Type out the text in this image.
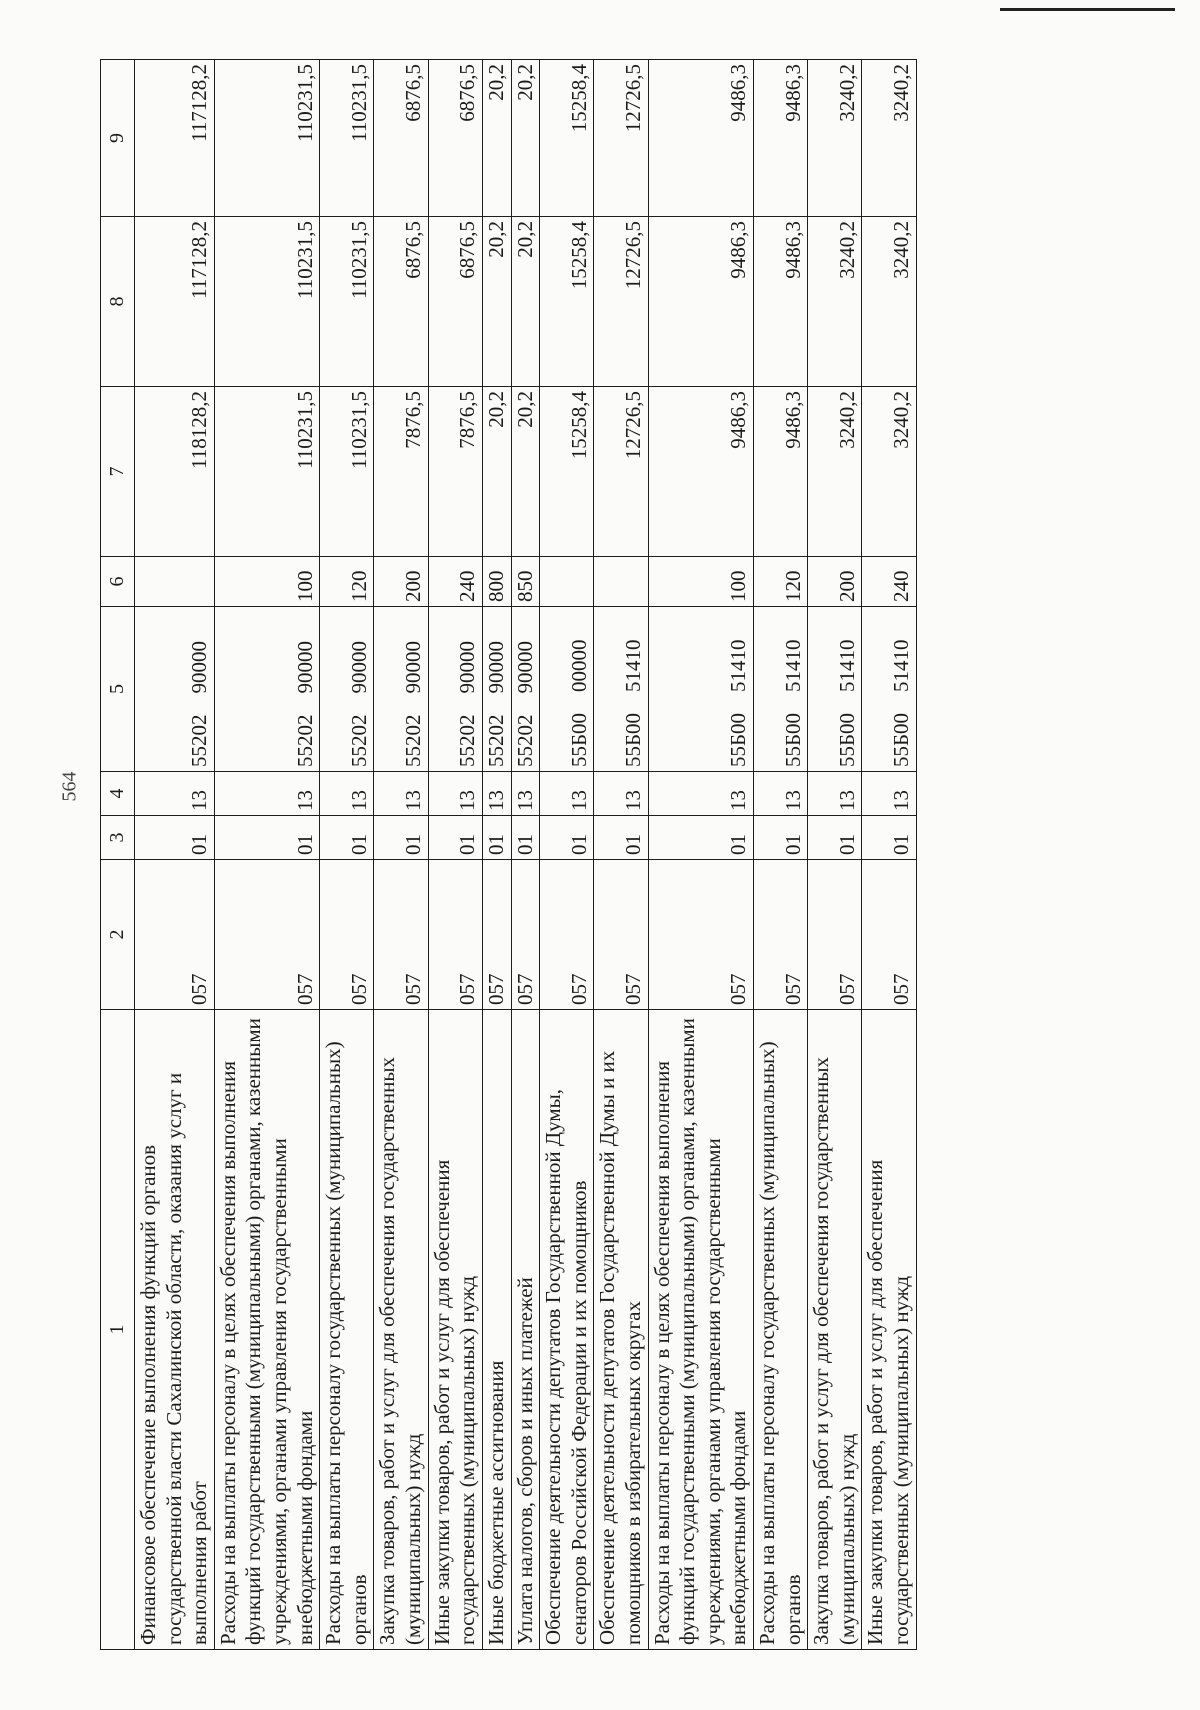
564
1	2	3	4	5	6	7	8	9
Финансовое обеспечение выполнения функций органов государственной власти Сахалинской области, оказания услуг и выполнения работ	057	01	13	55202    90000		118128,2	117128,2	117128,2
Расходы на выплаты персоналу в целях обеспечения выполнения функций государственными (муниципальными) органами, казенными учреждениями, органами управления государственными внебюджетными фондами	057	01	13	55202    90000	100	110231,5	110231,5	110231,5
Расходы на выплаты персоналу государственных (муниципальных) органов	057	01	13	55202    90000	120	110231,5	110231,5	110231,5
Закупка товаров, работ и услуг для обеспечения государственных (муниципальных) нужд	057	01	13	55202    90000	200	7876,5	6876,5	6876,5
Иные закупки товаров, работ и услуг для обеспечения государственных (муниципальных) нужд	057	01	13	55202    90000	240	7876,5	6876,5	6876,5
Иные бюджетные ассигнования	057	01	13	55202    90000	800	20,2	20,2	20,2
Уплата налогов, сборов и иных платежей	057	01	13	55202    90000	850	20,2	20,2	20,2
Обеспечение деятельности депутатов Государственной Думы, сенаторов Российской Федерации и их помощников	057	01	13	55Б00    00000		15258,4	15258,4	15258,4
Обеспечение деятельности депутатов Государственной Думы и их помощников в избирательных округах	057	01	13	55Б00    51410		12726,5	12726,5	12726,5
Расходы на выплаты персоналу в целях обеспечения выполнения функций государственными (муниципальными) органами, казенными учреждениями, органами управления государственными внебюджетными фондами	057	01	13	55Б00    51410	100	9486,3	9486,3	9486,3
Расходы на выплаты персоналу государственных (муниципальных) органов	057	01	13	55Б00    51410	120	9486,3	9486,3	9486,3
Закупка товаров, работ и услуг для обеспечения государственных (муниципальных) нужд	057	01	13	55Б00    51410	200	3240,2	3240,2	3240,2
Иные закупки товаров, работ и услуг для обеспечения государственных (муниципальных) нужд	057	01	13	55Б00    51410	240	3240,2	3240,2	3240,2
